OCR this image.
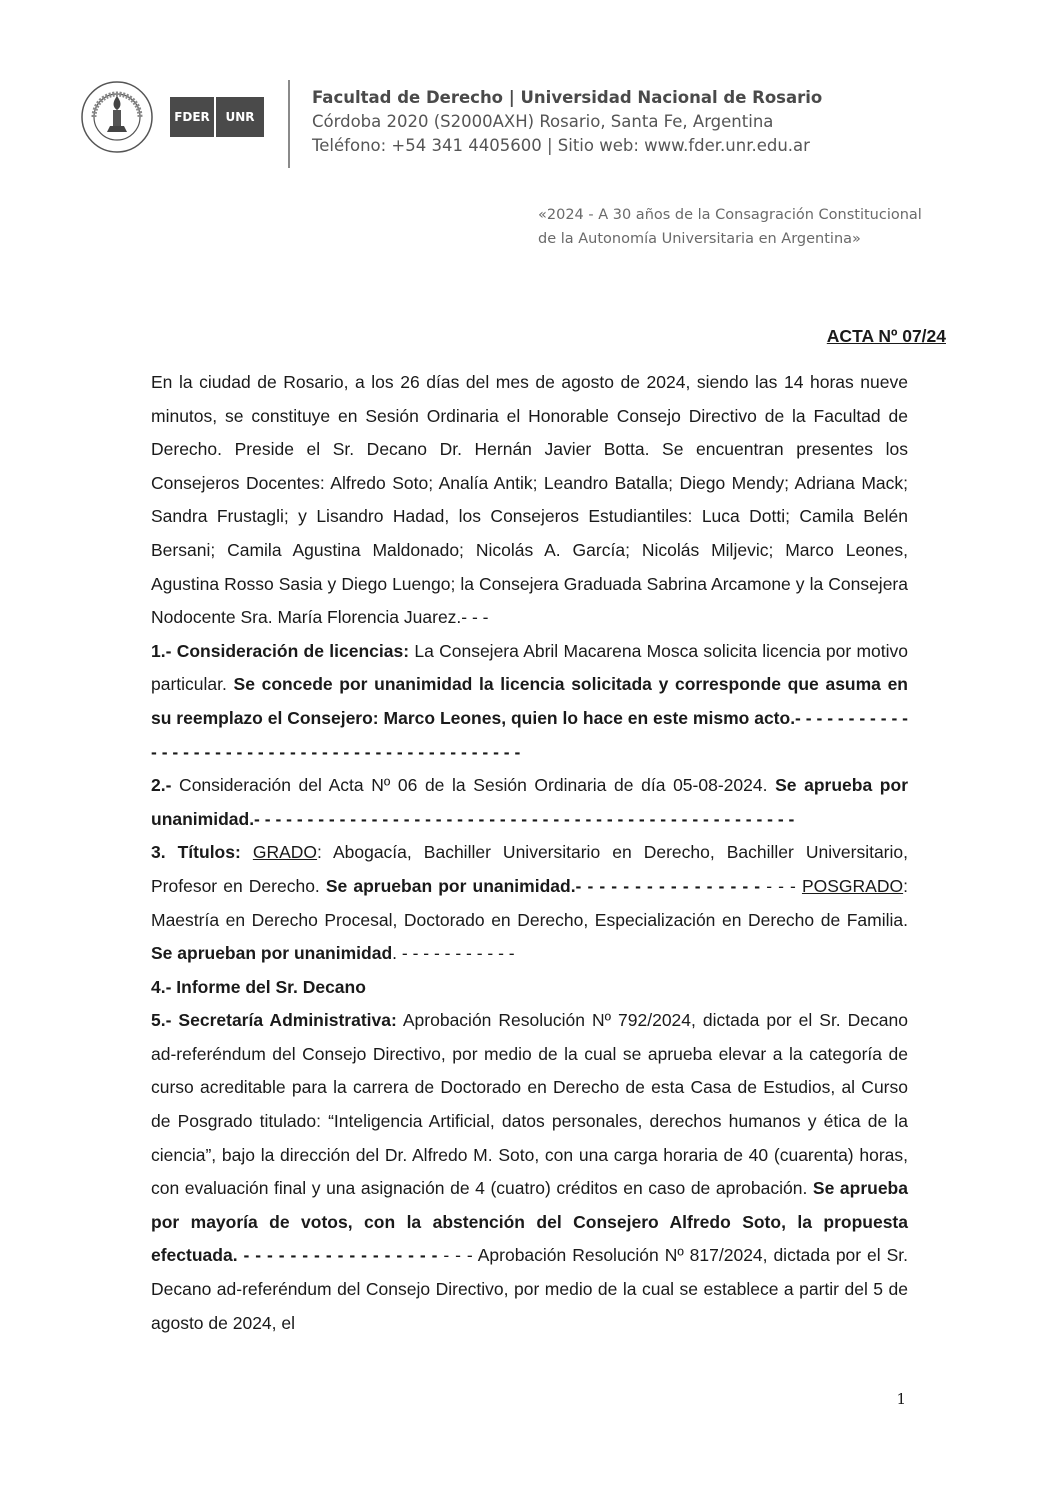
FDER	UNR
Facultad de Derecho | Universidad Nacional de Rosario
Córdoba 2020 (S2000AXH) Rosario, Santa Fe, Argentina
Teléfono: +54 341 4405600 | Sitio web: www.fder.unr.edu.ar
«2024 - A 30 años de la Consagración Constitucional
de la Autonomía Universitaria en Argentina»
ACTA Nº 07/24

En la ciudad de Rosario, a los 26 días del mes de agosto de 2024, siendo las 14 horas nueve minutos, se constituye en Sesión Ordinaria el Honorable Consejo Directivo de la Facultad de Derecho. Preside el Sr. Decano Dr. Hernán Javier Botta. Se encuentran presentes los Consejeros Docentes: Alfredo Soto; Analía Antik; Leandro Batalla; Diego Mendy; Adriana Mack; Sandra Frustagli; y Lisandro Hadad, los Consejeros Estudiantiles: Luca Dotti; Camila Belén Bersani; Camila Agustina Maldonado; Nicolás A. García; Nicolás Miljevic; Marco Leones, Agustina Rosso Sasia y Diego Luengo; la Consejera Graduada Sabrina Arcamone y la Consejera Nodocente Sra. María Florencia Juarez.- - -

1.- Consideración de licencias: La Consejera Abril Macarena Mosca solicita licencia por motivo particular. Se concede por unanimidad la licencia solicitada y corresponde que asuma en su reemplazo el Consejero: Marco Leones, quien lo hace en este mismo acto.- - - - - - - - - - - - - - - - - - - - - - - - - - - - - - - - - - - - - - - - - - - - - -

2.- Consideración del Acta Nº 06 de la Sesión Ordinaria de día 05-08-2024. Se aprueba por unanimidad.- - - - - - - - - - - - - - - - - - - - - - - - - - - - - - - - - - - - - - - - - - - - - - - - - - -

3. Títulos: GRADO: Abogacía, Bachiller Universitario en Derecho, Bachiller Universitario, Profesor en Derecho. Se aprueban por unanimidad.- - - - - - - - - - - - - - - - - - - POSGRADO: Maestría en Derecho Procesal, Doctorado en Derecho, Especialización en Derecho de Familia. Se aprueban por unanimidad. - - - - - - - - - - -

4.- Informe del Sr. Decano

5.- Secretaría Administrativa: Aprobación Resolución Nº 792/2024, dictada por el Sr. Decano ad-referéndum del Consejo Directivo, por medio de la cual se aprueba elevar a la categoría de curso acreditable para la carrera de Doctorado en Derecho de esta Casa de Estudios, al Curso de Posgrado titulado: “Inteligencia Artificial, datos personales, derechos humanos y ética de la ciencia”, bajo la dirección del Dr. Alfredo M. Soto, con una carga horaria de 40 (cuarenta) horas, con evaluación final y una asignación de 4 (cuatro) créditos en caso de aprobación. Se aprueba por mayoría de votos, con la abstención del Consejero Alfredo Soto, la propuesta efectuada. - - - - - - - - - - - - - - - - - - - - Aprobación Resolución Nº 817/2024, dictada por el Sr. Decano ad-referéndum del Consejo Directivo, por medio de la cual se establece a partir del 5 de agosto de 2024, el

1
